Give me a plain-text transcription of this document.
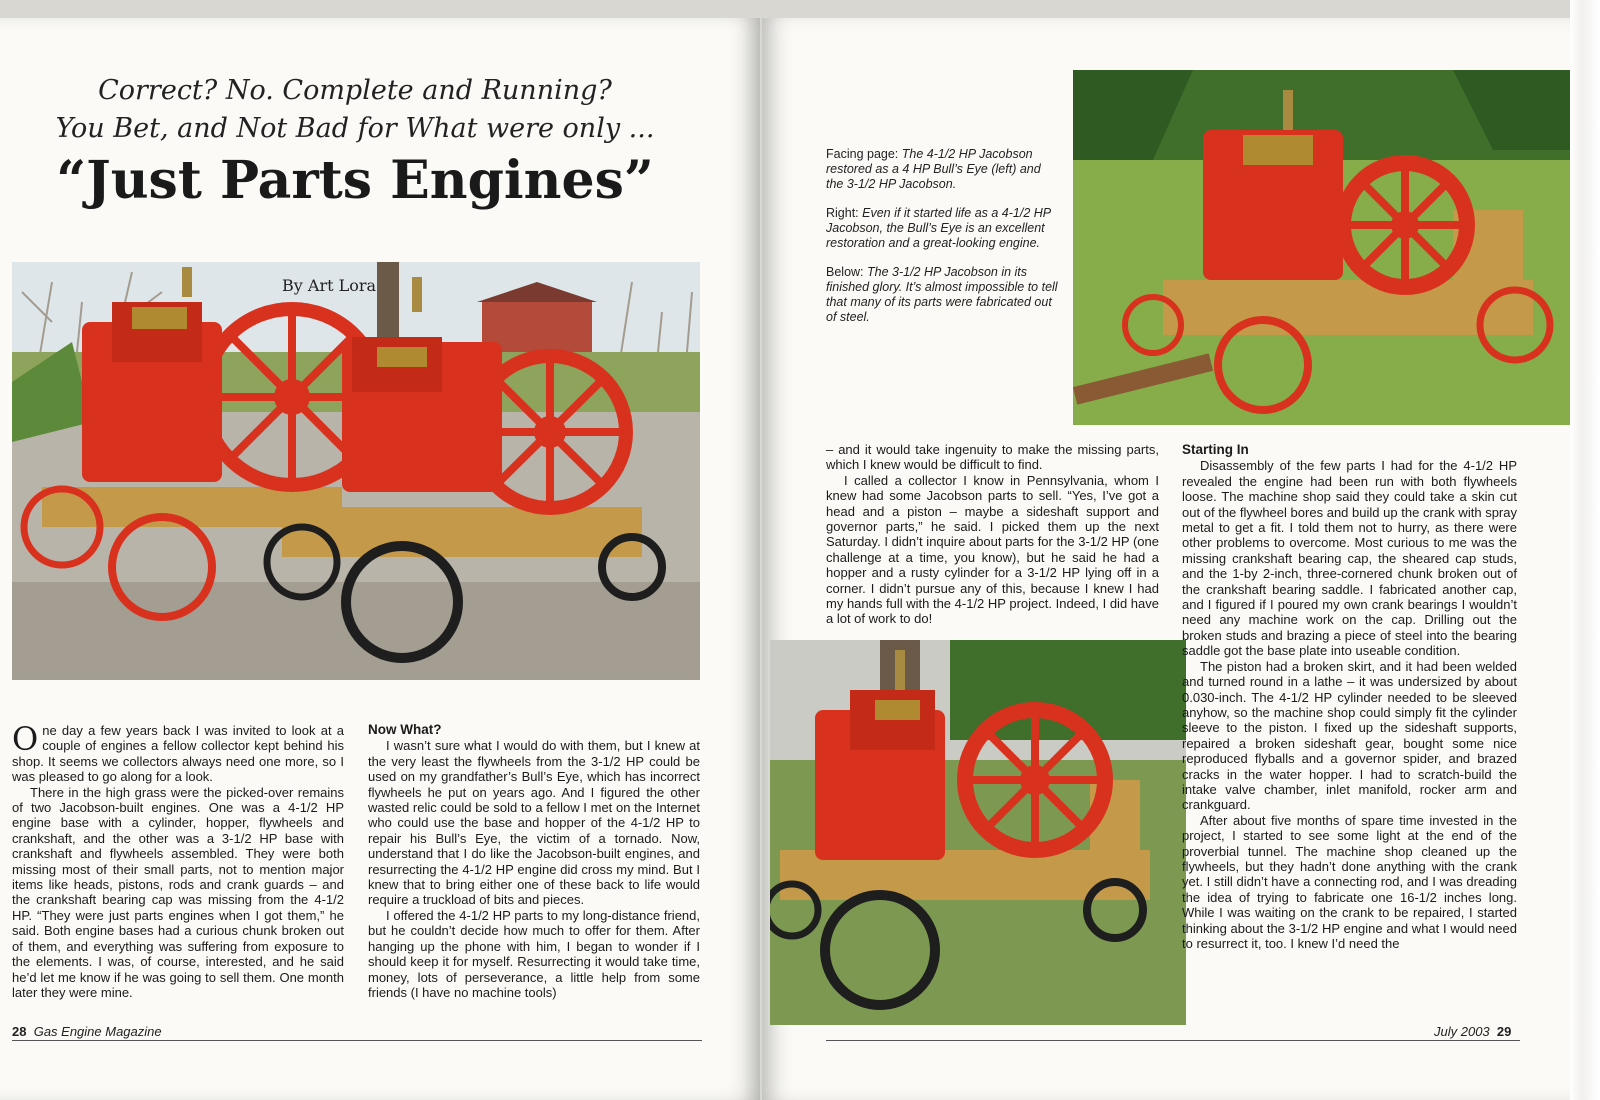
Correct? No. Complete and Running?
You Bet, and Not Bad for What were only ...
“Just Parts Engines”
By Art Lora

One day a few years back I was invited to look at a couple of engines a fellow collector kept behind his shop. It seems we collectors always need one more, so I was pleased to go along for a look.

There in the high grass were the picked-over remains of two Jacobson-built engines. One was a 4-1/2 HP engine base with a cylinder, hopper, flywheels and crankshaft, and the other was a 3-1/2 HP base with crankshaft and flywheels assembled. They were both missing most of their small parts, not to mention major items like heads, pistons, rods and crank guards – and the crankshaft bearing cap was missing from the 4-1/2 HP. “They were just parts engines when I got them,” he said. Both engine bases had a curious chunk broken out of them, and everything was suffering from exposure to the elements. I was, of course, interested, and he said he’d let me know if he was going to sell them. One month later they were mine.

Now What?

I wasn’t sure what I would do with them, but I knew at the very least the flywheels from the 3-1/2 HP could be used on my grandfather’s Bull’s Eye, which has incorrect flywheels he put on years ago. And I figured the other wasted relic could be sold to a fellow I met on the Internet who could use the base and hopper of the 4-1/2 HP to repair his Bull’s Eye, the victim of a tornado. Now, understand that I do like the Jacobson-built engines, and resurrecting the 4-1/2 HP engine did cross my mind. But I knew that to bring either one of these back to life would require a truckload of bits and pieces.

I offered the 4-1/2 HP parts to my long-distance friend, but he couldn’t decide how much to offer for them. After hanging up the phone with him, I began to wonder if I should keep it for myself. Resurrecting it would take time, money, lots of perseverance, a little help from some friends (I have no machine tools)

28 Gas Engine Magazine

Facing page: The 4-1/2 HP Jacobson restored as a 4 HP Bull’s Eye (left) and the 3-1/2 HP Jacobson.

Right: Even if it started life as a 4-1/2 HP Jacobson, the Bull’s Eye is an excellent restoration and a great-looking engine.

Below: The 3-1/2 HP Jacobson in its finished glory. It’s almost impossible to tell that many of its parts were fabricated out of steel.

– and it would take ingenuity to make the missing parts, which I knew would be difficult to find.

I called a collector I know in Pennsylvania, whom I knew had some Jacobson parts to sell. “Yes, I’ve got a head and a piston – maybe a sideshaft support and governor parts,” he said. I picked them up the next Saturday. I didn’t inquire about parts for the 3-1/2 HP (one challenge at a time, you know), but he said he had a hopper and a rusty cylinder for a 3-1/2 HP lying off in a corner. I didn’t pursue any of this, because I knew I had my hands full with the 4-1/2 HP project. Indeed, I did have a lot of work to do!

Starting In

Disassembly of the few parts I had for the 4-1/2 HP revealed the engine had been run with both flywheels loose. The machine shop said they could take a skin cut out of the flywheel bores and build up the crank with spray metal to get a fit. I told them not to hurry, as there were other problems to overcome. Most curious to me was the missing crankshaft bearing cap, the sheared cap studs, and the 1-by 2-inch, three-cornered chunk broken out of the crankshaft bearing saddle. I fabricated another cap, and I figured if I poured my own crank bearings I wouldn’t need any machine work on the cap. Drilling out the broken studs and brazing a piece of steel into the bearing saddle got the base plate into useable condition.

The piston had a broken skirt, and it had been welded and turned round in a lathe – it was undersized by about 0.030-inch. The 4-1/2 HP cylinder needed to be sleeved anyhow, so the machine shop could simply fit the cylinder sleeve to the piston. I fixed up the sideshaft supports, repaired a broken sideshaft gear, bought some nice reproduced flyballs and a governor spider, and brazed cracks in the water hopper. I had to scratch-build the intake valve chamber, inlet manifold, rocker arm and crankguard.

After about five months of spare time invested in the project, I started to see some light at the end of the proverbial tunnel. The machine shop cleaned up the flywheels, but they hadn’t done anything with the crank yet. I still didn’t have a connecting rod, and I was dreading the idea of trying to fabricate one 16-1/2 inches long. While I was waiting on the crank to be repaired, I started thinking about the 3-1/2 HP engine and what I would need to resurrect it, too. I knew I’d need the

July 2003 29
